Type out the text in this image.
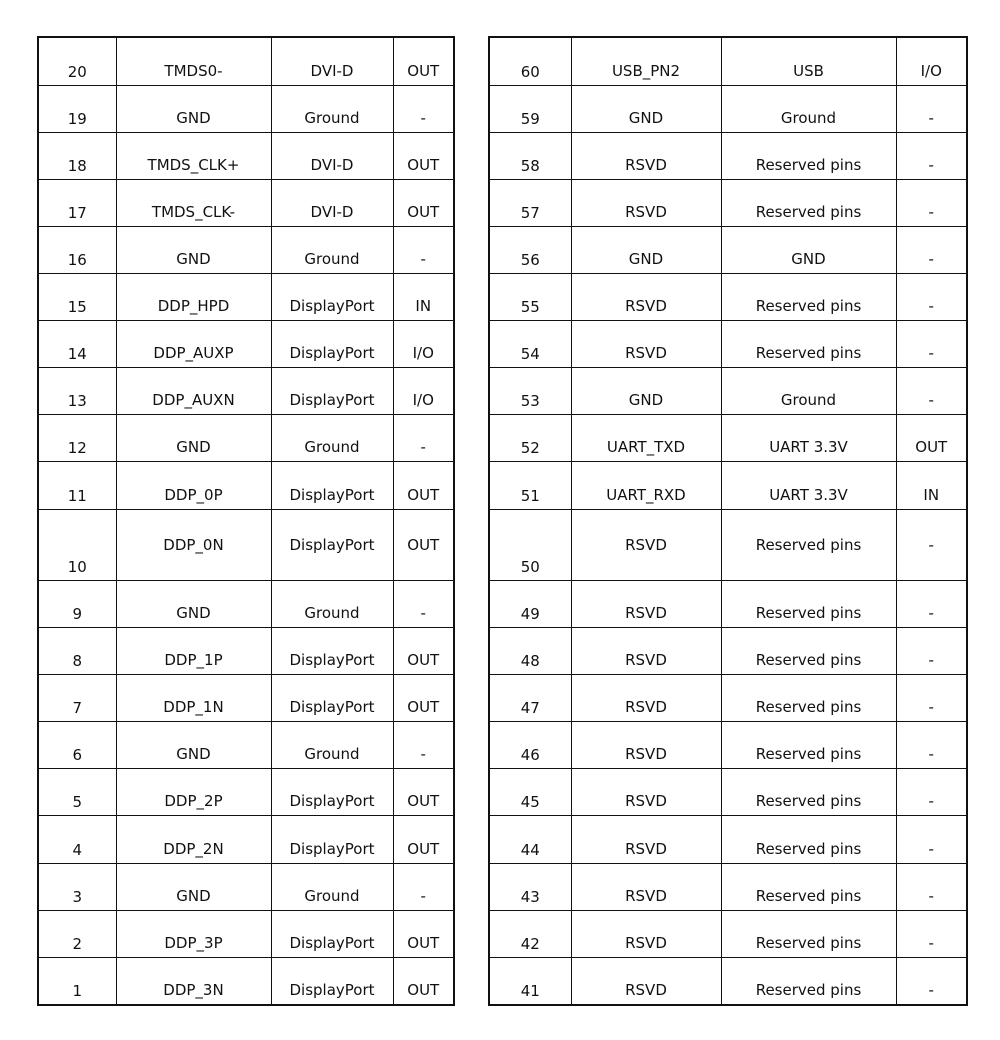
20	TMDS0-	DVI-D	OUT
19	GND	Ground	-
18	TMDS_CLK+	DVI-D	OUT
17	TMDS_CLK-	DVI-D	OUT
16	GND	Ground	-
15	DDP_HPD	DisplayPort	IN
14	DDP_AUXP	DisplayPort	I/O
13	DDP_AUXN	DisplayPort	I/O
12	GND	Ground	-
11	DDP_0P	DisplayPort	OUT
10	DDP_0N	DisplayPort	OUT
9	GND	Ground	-
8	DDP_1P	DisplayPort	OUT
7	DDP_1N	DisplayPort	OUT
6	GND	Ground	-
5	DDP_2P	DisplayPort	OUT
4	DDP_2N	DisplayPort	OUT
3	GND	Ground	-
2	DDP_3P	DisplayPort	OUT
1	DDP_3N	DisplayPort	OUT
60	USB_PN2	USB	I/O
59	GND	Ground	-
58	RSVD	Reserved pins	-
57	RSVD	Reserved pins	-
56	GND	GND	-
55	RSVD	Reserved pins	-
54	RSVD	Reserved pins	-
53	GND	Ground	-
52	UART_TXD	UART 3.3V	OUT
51	UART_RXD	UART 3.3V	IN
50	RSVD	Reserved pins	-
49	RSVD	Reserved pins	-
48	RSVD	Reserved pins	-
47	RSVD	Reserved pins	-
46	RSVD	Reserved pins	-
45	RSVD	Reserved pins	-
44	RSVD	Reserved pins	-
43	RSVD	Reserved pins	-
42	RSVD	Reserved pins	-
41	RSVD	Reserved pins	-
